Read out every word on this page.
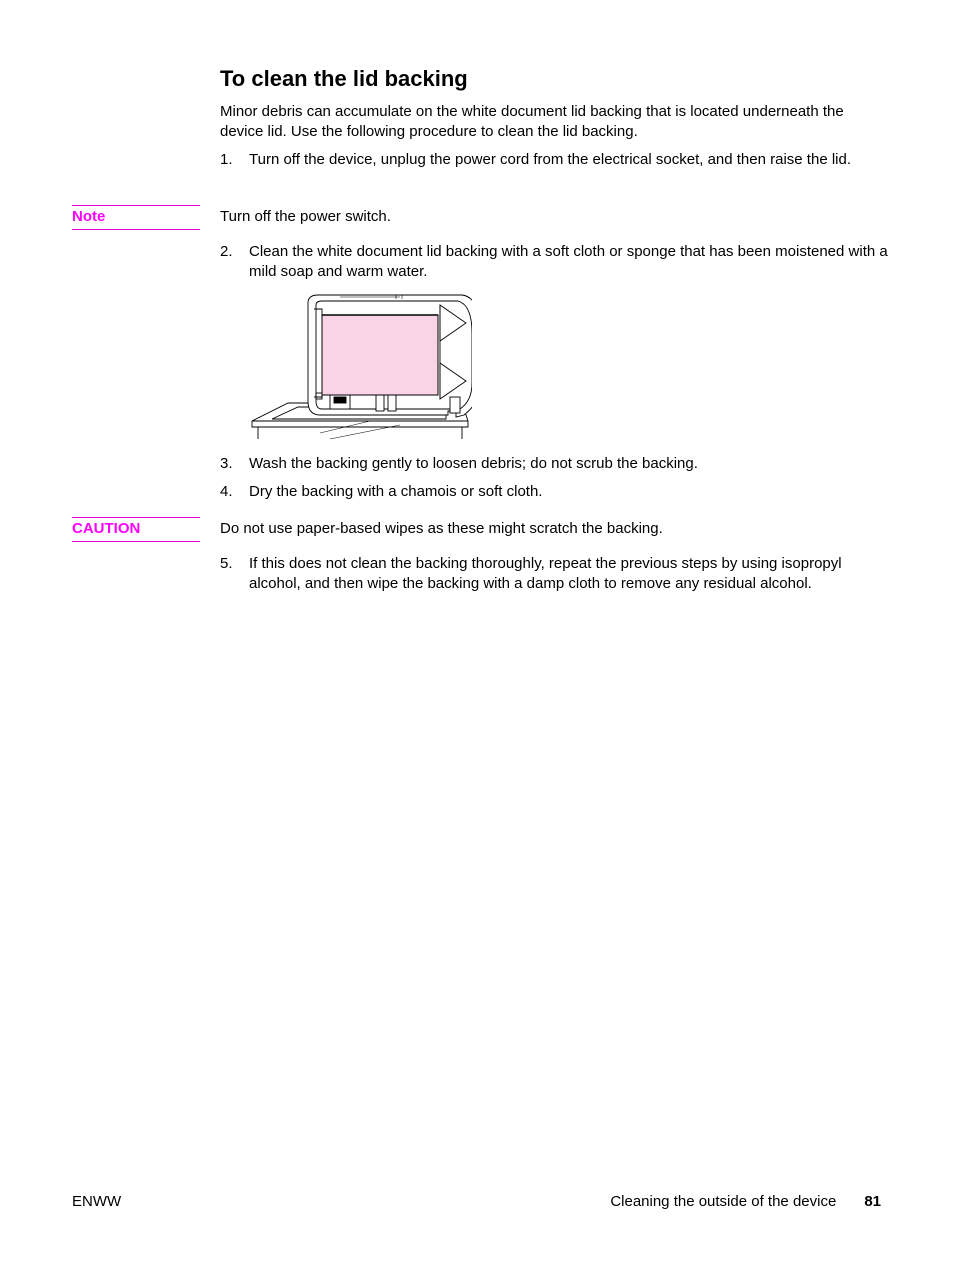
To clean the lid backing

Minor debris can accumulate on the white document lid backing that is located underneath the device lid. Use the following procedure to clean the lid backing.

1.	Turn off the device, unplug the power cord from the electrical socket, and then raise the lid.
Note	Turn off the power switch.

2.	Clean the white document lid backing with a soft cloth or sponge that has been moistened with a mild soap and warm water.
3.	Wash the backing gently to loosen debris; do not scrub the backing.
4.	Dry the backing with a chamois or soft cloth.
CAUTION	Do not use paper-based wipes as these might scratch the backing.

5.	If this does not clean the backing thoroughly, repeat the previous steps by using isopropyl alcohol, and then wipe the backing with a damp cloth to remove any residual alcohol.
ENWW	Cleaning the outside of the device 81
